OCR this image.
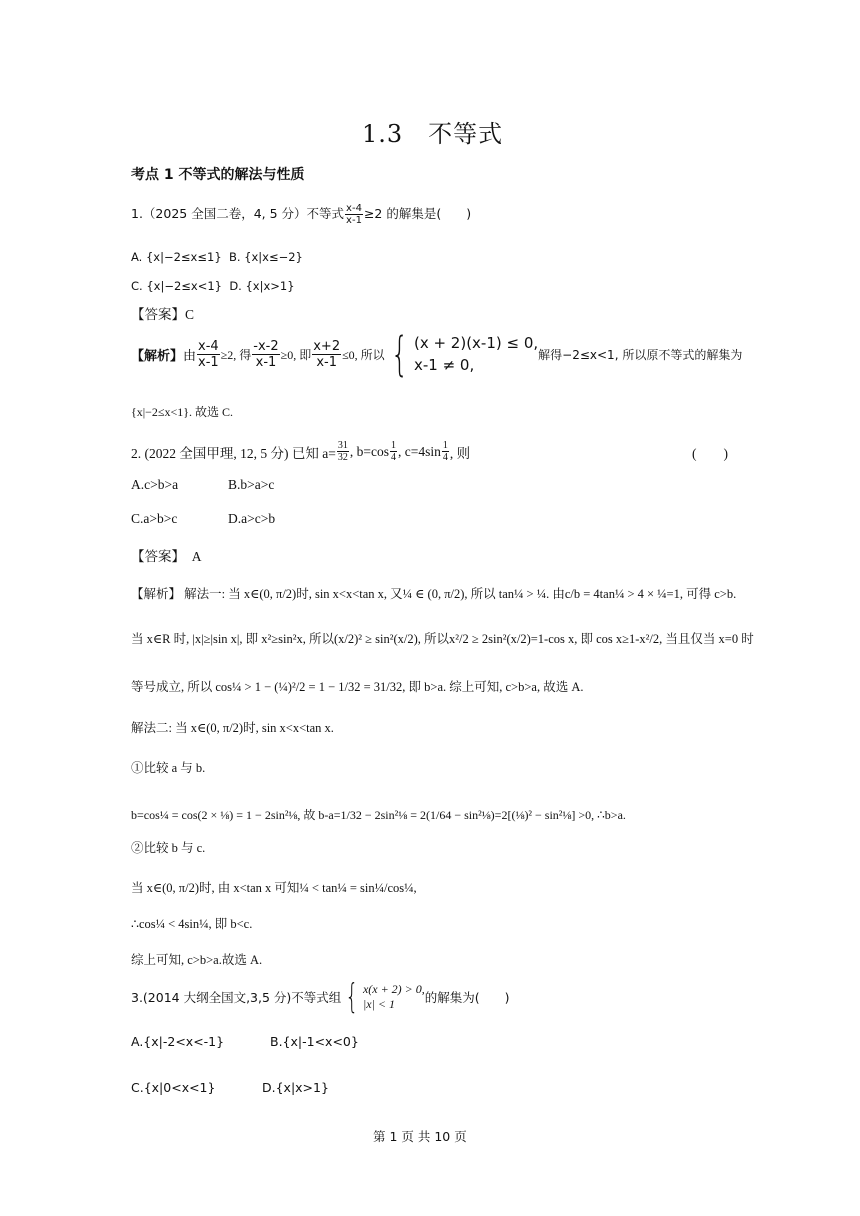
1.3　不等式
考点 1 不等式的解法与性质
1.（2025 全国二卷，4, 5 分）不等式 $\frac{x-4}{x-1} \ge 2$ 的解集是(　　)
A. {x|−2≤x≤1} B. {x|x≤−2}
C. {x|−2≤x<1} D. {x|x>1}
【答案】C
【解析】 由 $\frac{x-4}{x-1} \ge 2$, 得 $\frac{-x-2}{x-1} \ge 0$, 即 $\frac{x+2}{x-1} \le 0$, 所以 { (x + 2)(x-1) ≤ 0,
x-1 ≠ 0,
解得−2≤x<1, 所以原不等式的解集为
{x|−2≤x<1}. 故选 C.
2. (2022 全国甲理, 12, 5 分) 已知 $a= \frac{31}{32}$ , $b=\cos \frac{1}{4}$ , $c=4\sin \frac{1}{4}$ , 则	(　　)
A.c>b>a	B.b>a>c
C.a>b>c	D.a>c>b
【答案】　A
【解析】 解法一: 当 x∈(0, π/2)时, sin x<x<tan x, 又¼ ∈ (0, π/2), 所以 tan¼ > ¼. 由c/b = 4tan¼ > 4 × ¼=1, 可得 c>b.
当 x∈R 时, |x|≥|sin x|, 即 x²≥sin²x, 所以(x/2)² ≥ sin²(x/2), 所以x²/2 ≥ 2sin²(x/2)=1-cos x, 即 cos x≥1-x²/2, 当且仅当 x=0 时
等号成立, 所以 cos¼ > 1 − (¼)²/2 = 1 − 1/32 = 31/32, 即 b>a. 综上可知, c>b>a, 故选 A.
解法二: 当 x∈(0, π/2)时, sin x<x<tan x.
①比较 a 与 b.
b=cos¼ = cos(2 × ⅛) = 1 − 2sin²⅛, 故 b-a=1/32 − 2sin²⅛ = 2(1/64 − sin²⅛)=2[(⅛)² − sin²⅛] >0, ∴b>a.
②比较 b 与 c.
当 x∈(0, π/2)时, 由 x<tan x 可知¼ < tan¼ = sin¼/cos¼,
∴cos¼ < 4sin¼, 即 b<c.
综上可知, c>b>a.故选 A.
3.(2014 大纲全国文,3,5 分)不等式组 { x(x + 2) > 0,
|x| < 1	的解集为(　　)
A.{x|-2<x<-1}	B.{x|-1<x<0}
C.{x|0<x<1}	D.{x|x>1}
第 1 页 共 10 页
